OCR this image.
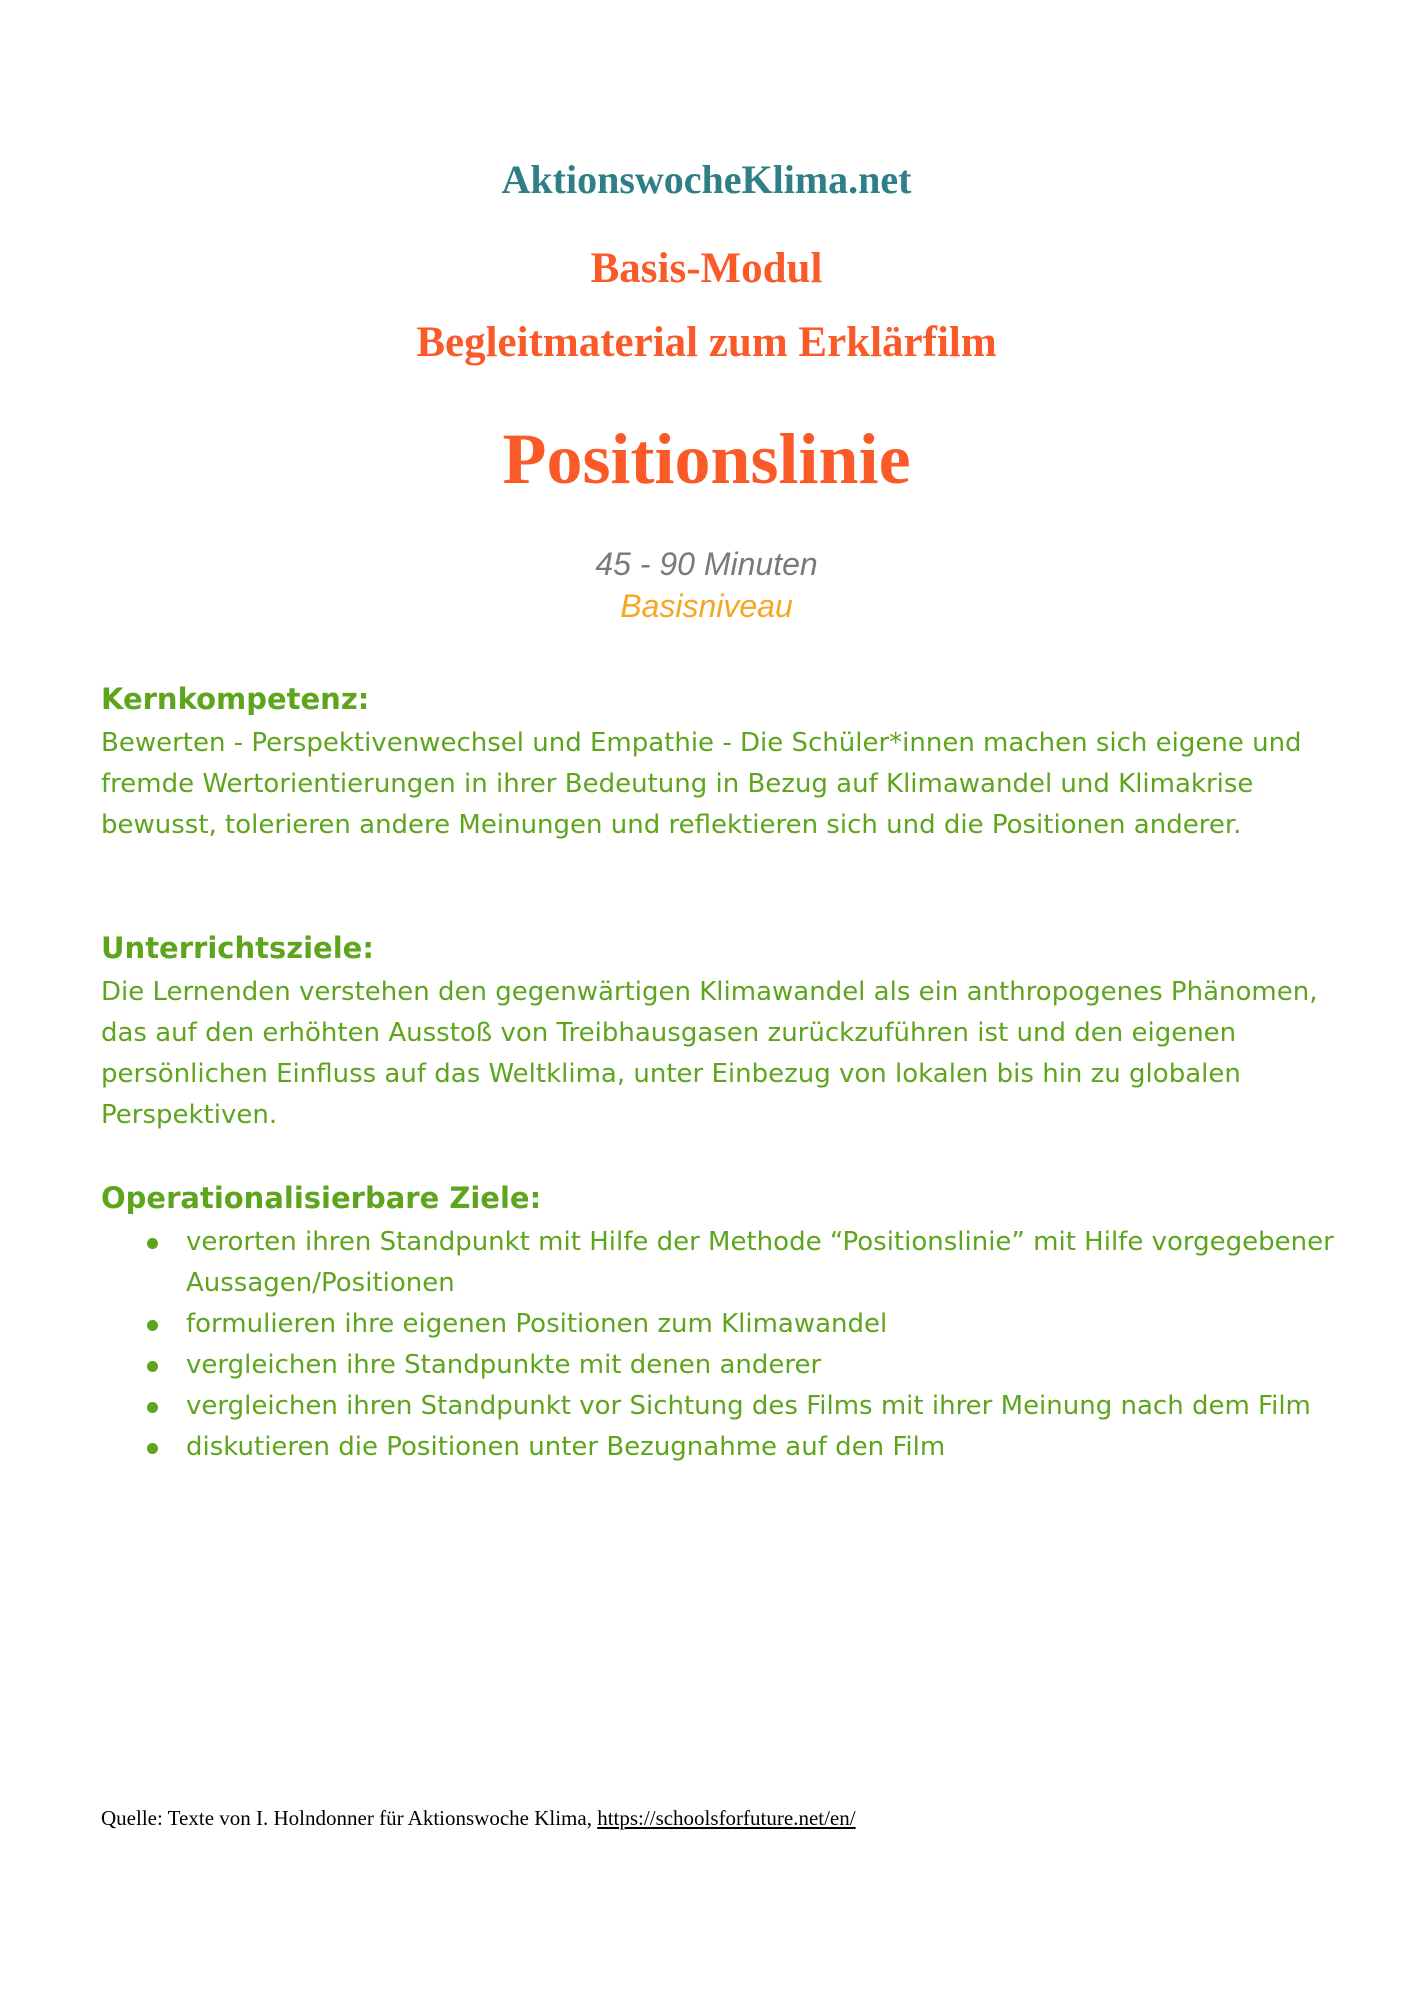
AktionswocheKlima.net
Basis-Modul
Begleitmaterial zum Erklärfilm
Positionslinie
45 - 90 Minuten
Basisniveau
Kernkompetenz:

Bewerten - Perspektivenwechsel und Empathie - Die Schüler*innen machen sich eigene und fremde Wertorientierungen in ihrer Bedeutung in Bezug auf Klimawandel und Klimakrise bewusst, tolerieren andere Meinungen und reflektieren sich und die Positionen anderer.

Unterrichtsziele:

Die Lernenden verstehen den gegenwärtigen Klimawandel als ein anthropogenes Phänomen, das auf den erhöhten Ausstoß von Treibhausgasen zurückzuführen ist und den eigenen persönlichen Einfluss auf das Weltklima, unter Einbezug von lokalen bis hin zu globalen Perspektiven.

Operationalisierbare Ziele:
verorten ihren Standpunkt mit Hilfe der Methode “Positionslinie” mit Hilfe vorgegebener Aussagen/Positionen
formulieren ihre eigenen Positionen zum Klimawandel
vergleichen ihre Standpunkte mit denen anderer
vergleichen ihren Standpunkt vor Sichtung des Films mit ihrer Meinung nach dem Film
diskutieren die Positionen unter Bezugnahme auf den Film
Quelle: Texte von I. Holndonner für Aktionswoche Klima, https://schoolsforfuture.net/en/
